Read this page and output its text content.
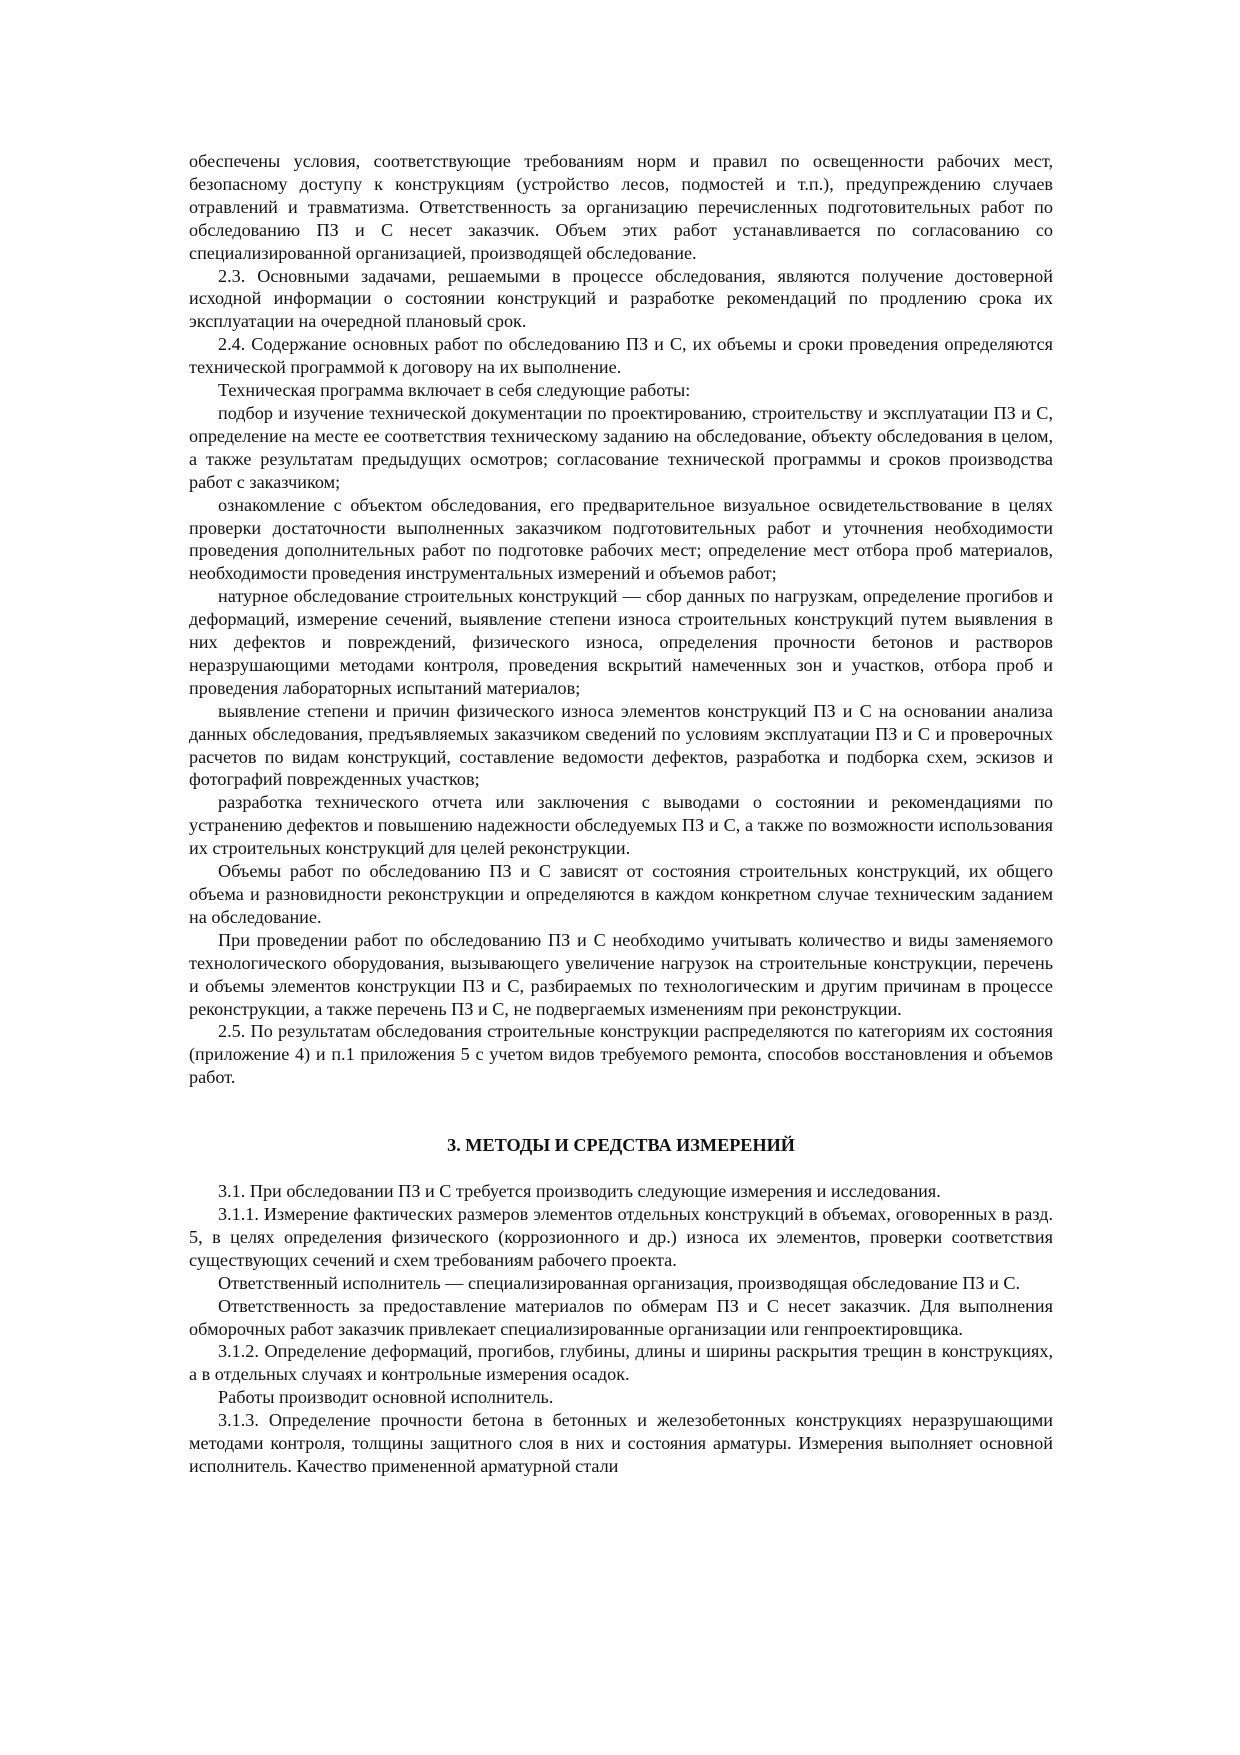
обеспечены условия, соответствующие требованиям норм и правил по освещенности рабочих мест, безопасному доступу к конструкциям (устройство лесов, подмостей и т.п.), предупреждению случаев отравлений и травматизма. Ответственность за организацию перечисленных подготовительных работ по обследованию ПЗ и С несет заказчик. Объем этих работ устанавливается по согласованию со специализированной организацией, производящей обследование.

2.3. Основными задачами, решаемыми в процессе обследования, являются получение достоверной исходной информации о состоянии конструкций и разработке рекомендаций по продлению срока их эксплуатации на очередной плановый срок.

2.4. Содержание основных работ по обследованию ПЗ и С, их объемы и сроки проведения определяются технической программой к договору на их выполнение.

Техническая программа включает в себя следующие работы:

подбор и изучение технической документации по проектированию, строительству и эксплуатации ПЗ и С, определение на месте ее соответствия техническому заданию на обследование, объекту обследования в целом, а также результатам предыдущих осмотров; согласование технической программы и сроков производства работ с заказчиком;

ознакомление с объектом обследования, его предварительное визуальное освидетельствование в целях проверки достаточности выполненных заказчиком подготовительных работ и уточнения необходимости проведения дополнительных работ по подготовке рабочих мест; определение мест отбора проб материалов, необходимости проведения инструментальных измерений и объемов работ;

натурное обследование строительных конструкций — сбор данных по нагрузкам, определение прогибов и деформаций, измерение сечений, выявление степени износа строительных конструкций путем выявления в них дефектов и повреждений, физического износа, определения прочности бетонов и растворов неразрушающими методами контроля, проведения вскрытий намеченных зон и участков, отбора проб и проведения лабораторных испытаний материалов;

выявление степени и причин физического износа элементов конструкций ПЗ и С на основании анализа данных обследования, предъявляемых заказчиком сведений по условиям эксплуатации ПЗ и С и проверочных расчетов по видам конструкций, составление ведомости дефектов, разработка и подборка схем, эскизов и фотографий поврежденных участков;

разработка технического отчета или заключения с выводами о состоянии и рекомендациями по устранению дефектов и повышению надежности обследуемых ПЗ и С, а также по возможности использования их строительных конструкций для целей реконструкции.

Объемы работ по обследованию ПЗ и С зависят от состояния строительных конструкций, их общего объема и разновидности реконструкции и определяются в каждом конкретном случае техническим заданием на обследование.

При проведении работ по обследованию ПЗ и С необходимо учитывать количество и виды заменяемого технологического оборудования, вызывающего увеличение нагрузок на строительные конструкции, перечень и объемы элементов конструкции ПЗ и С, разбираемых по технологическим и другим причинам в процессе реконструкции, а также перечень ПЗ и С, не подвергаемых изменениям при реконструкции.

2.5. По результатам обследования строительные конструкции распределяются по категориям их состояния (приложение 4) и п.1 приложения 5 с учетом видов требуемого ремонта, способов восстановления и объемов работ.

3. МЕТОДЫ И СРЕДСТВА ИЗМЕРЕНИЙ

3.1. При обследовании ПЗ и С требуется производить следующие измерения и исследования.

3.1.1. Измерение фактических размеров элементов отдельных конструкций в объемах, оговоренных в разд. 5, в целях определения физического (коррозионного и др.) износа их элементов, проверки соответствия существующих сечений и схем требованиям рабочего проекта.

Ответственный исполнитель — специализированная организация, производящая обследование ПЗ и С.

Ответственность за предоставление материалов по обмерам ПЗ и С несет заказчик. Для выполнения обморочных работ заказчик привлекает специализированные организации или генпроектировщика.

3.1.2. Определение деформаций, прогибов, глубины, длины и ширины раскрытия трещин в конструкциях, а в отдельных случаях и контрольные измерения осадок.

Работы производит основной исполнитель.

3.1.3. Определение прочности бетона в бетонных и железобетонных конструкциях неразрушающими методами контроля, толщины защитного слоя в них и состояния арматуры. Измерения выполняет основной исполнитель. Качество примененной арматурной стали
